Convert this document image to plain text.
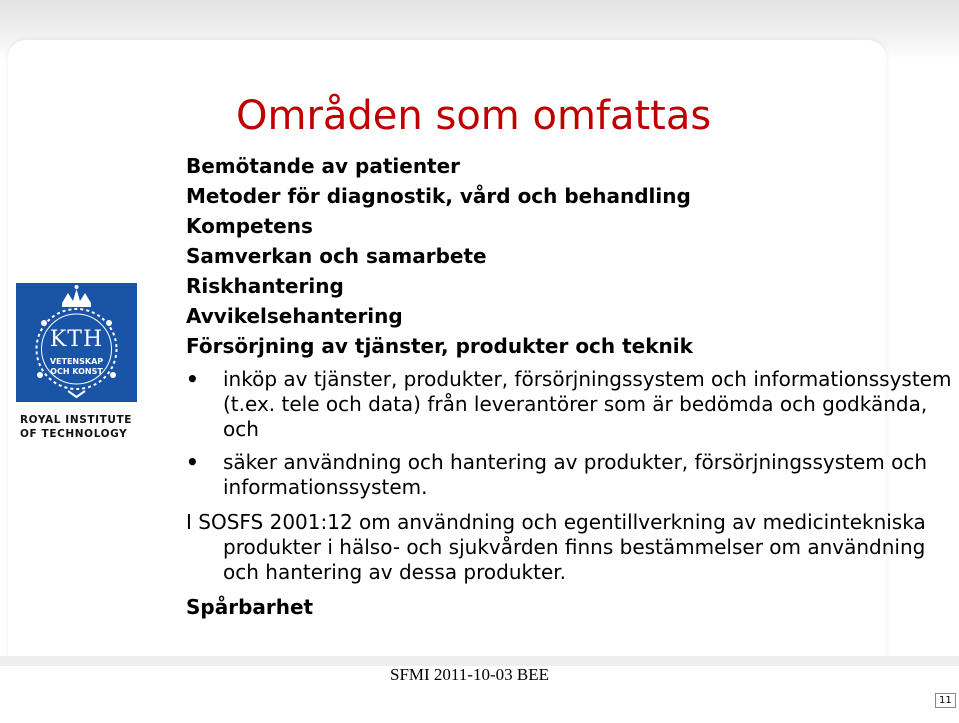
Områden som omfattas
Bemötande av patienter
Metoder för diagnostik, vård och behandling
Kompetens
Samverkan och samarbete
Riskhantering
Avvikelsehantering
Försörjning av tjänster, produkter och teknik
• inköp av tjänster, produkter, försörjningssystem och informationssystem (t.ex. tele och data) från leverantörer som är bedömda och godkända, och
• säker användning och hantering av produkter, försörjningssystem och informationssystem.
I SOSFS 2001:12 om användning och egentillverkning av medicintekniska produkter i hälso- och sjukvården finns bestämmelser om användning och hantering av dessa produkter.
Spårbarhet
KTH
VETENSKAP
OCH KONST
ROYAL INSTITUTE
OF TECHNOLOGY
SFMI 2011-10-03 BEE
11
